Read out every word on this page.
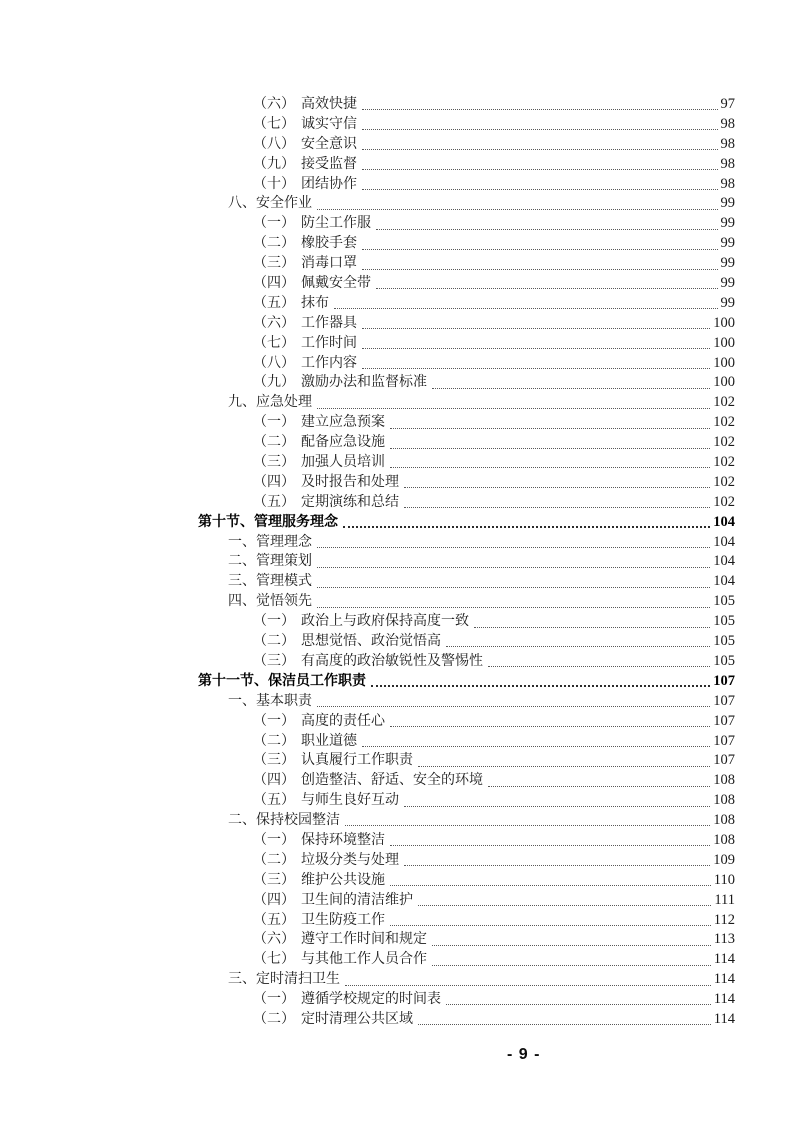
（六） 高效快捷	97
（七） 诚实守信	98
（八） 安全意识	98
（九） 接受监督	98
（十） 团结协作	98
八、安全作业	99
（一） 防尘工作服	99
（二） 橡胶手套	99
（三） 消毒口罩	99
（四） 佩戴安全带	99
（五） 抹布	99
（六） 工作器具	100
（七） 工作时间	100
（八） 工作内容	100
（九） 激励办法和监督标准	100
九、应急处理	102
（一） 建立应急预案	102
（二） 配备应急设施	102
（三） 加强人员培训	102
（四） 及时报告和处理	102
（五） 定期演练和总结	102
第十节、管理服务理念	104
一、管理理念	104
二、管理策划	104
三、管理模式	104
四、觉悟领先	105
（一） 政治上与政府保持高度一致	105
（二） 思想觉悟、政治觉悟高	105
（三） 有高度的政治敏锐性及警惕性	105
第十一节、保洁员工作职责	107
一、基本职责	107
（一） 高度的责任心	107
（二） 职业道德	107
（三） 认真履行工作职责	107
（四） 创造整洁、舒适、安全的环境	108
（五） 与师生良好互动	108
二、保持校园整洁	108
（一） 保持环境整洁	108
（二） 垃圾分类与处理	109
（三） 维护公共设施	110
（四） 卫生间的清洁维护	111
（五） 卫生防疫工作	112
（六） 遵守工作时间和规定	113
（七） 与其他工作人员合作	114
三、定时清扫卫生	114
（一） 遵循学校规定的时间表	114
（二） 定时清理公共区域	114
- 9 -
